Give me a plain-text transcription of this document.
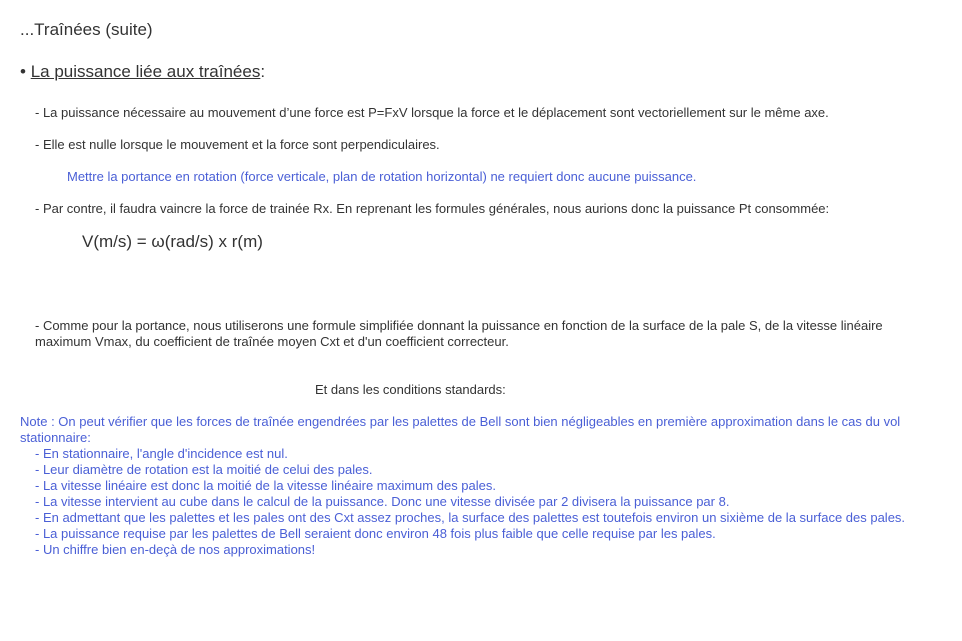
...Traînées (suite)
• La puissance liée aux traînées:
- La puissance nécessaire au mouvement d’une force est P=FxV lorsque la force et le déplacement sont vectoriellement sur le même axe.
- Elle est nulle lorsque le mouvement et la force sont perpendiculaires.
Mettre la portance en rotation (force verticale, plan de rotation horizontal) ne requiert donc aucune puissance.
- Par contre, il faudra vaincre la force de trainée Rx. En reprenant les formules générales, nous aurions donc la puissance Pt consommée:
V(m/s) = ω(rad/s) x r(m)
- Comme pour la portance, nous utiliserons une formule simplifiée donnant la puissance en fonction de la surface de la pale S, de la vitesse linéaire maximum Vmax, du coefficient de traînée moyen Cxt et d'un coefficient correcteur.
Et dans les conditions standards:
Note : On peut vérifier que les forces de traînée engendrées par les palettes de Bell sont bien négligeables en première approximation dans le cas du vol stationnaire:
- En stationnaire, l'angle d'incidence est nul.
- Leur diamètre de rotation est la moitié de celui des pales.
- La vitesse linéaire est donc la moitié de la vitesse linéaire maximum des pales.
- La vitesse intervient au cube dans le calcul de la puissance. Donc une vitesse divisée par 2 divisera la puissance par 8.
- En admettant que les palettes et les pales ont des Cxt assez proches, la surface des palettes est toutefois environ un sixième de la surface des pales.
- La puissance requise par les palettes de Bell seraient donc environ 48 fois plus faible que celle requise par les pales.
- Un chiffre bien en-deçà de nos approximations!
